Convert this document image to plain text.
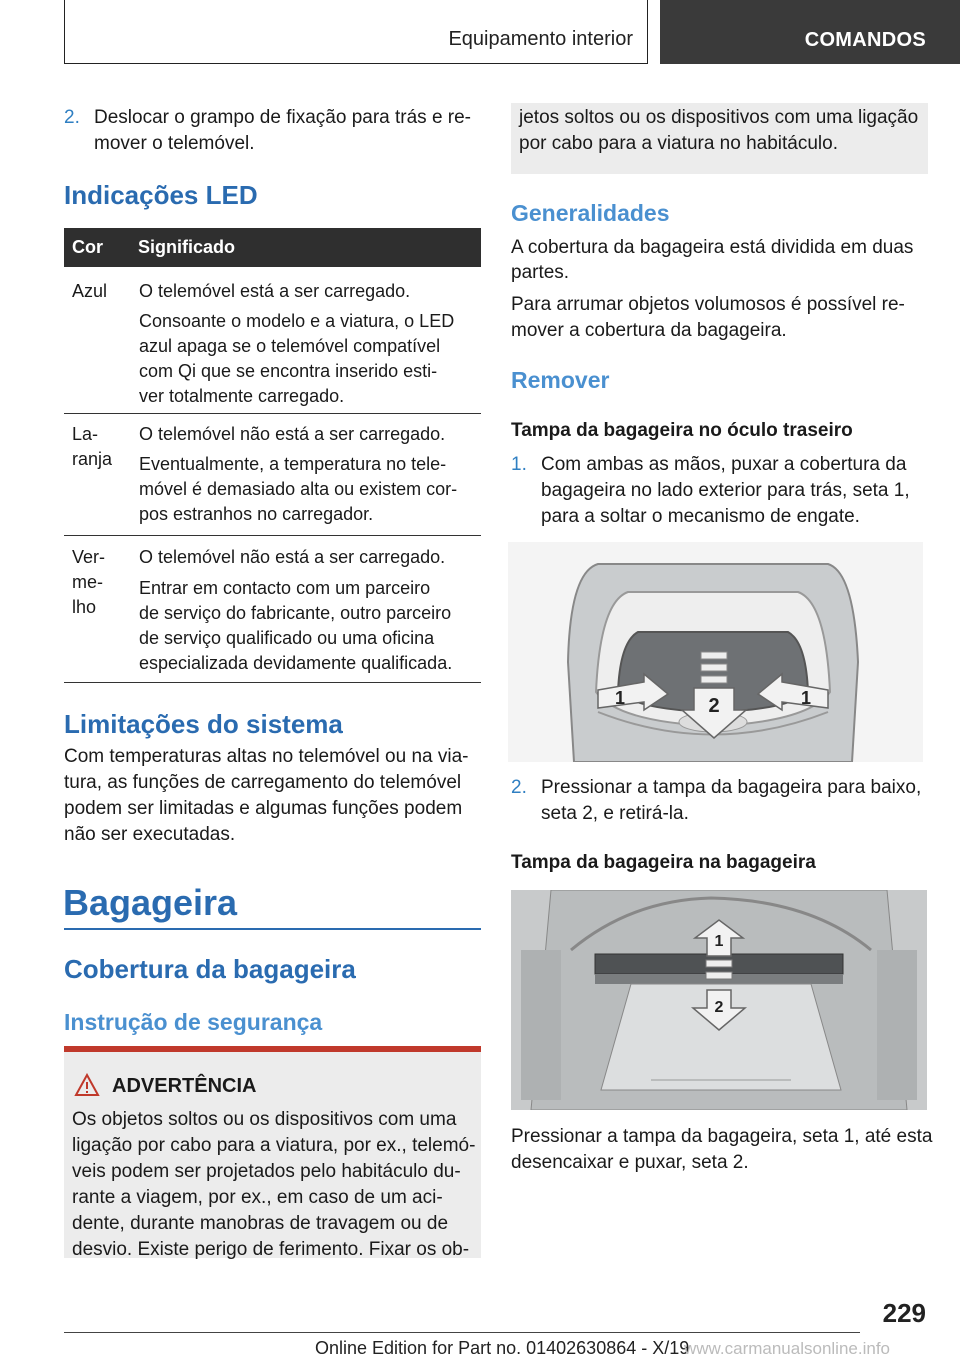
Equipamento interior	COMANDOS
2. Deslocar o grampo de fixação para trás e re-
mover o telemóvel.
Indicações LED
Cor Significado
Azul O telemóvel está a ser carregado.
Consoante o modelo e a viatura, o LED
azul apaga se o telemóvel compatível
com Qi que se encontra inserido esti-
ver totalmente carregado.
La-
ranja
O telemóvel não está a ser carregado.
Eventualmente, a temperatura no tele-
móvel é demasiado alta ou existem cor-
pos estranhos no carregador.
Ver-
me-
lho
O telemóvel não está a ser carregado.
Entrar em contacto com um parceiro
de serviço do fabricante, outro parceiro
de serviço qualificado ou uma oficina
especializada devidamente qualificada.
Limitações do sistema
Com temperaturas altas no telemóvel ou na via-
tura, as funções de carregamento do telemóvel
podem ser limitadas e algumas funções podem
não ser executadas.
Bagageira
Cobertura da bagageira
Instrução de segurança
ADVERTÊNCIA
Os objetos soltos ou os dispositivos com uma
ligação por cabo para a viatura, por ex., telemó-
veis podem ser projetados pelo habitáculo du-
rante a viagem, por ex., em caso de um aci-
dente, durante manobras de travagem ou de
desvio. Existe perigo de ferimento. Fixar os ob-
jetos soltos ou os dispositivos com uma ligação
por cabo para a viatura no habitáculo.
Generalidades
A cobertura da bagageira está dividida em duas
partes.
Para arrumar objetos volumosos é possível re-
mover a cobertura da bagageira.
Remover
Tampa da bagageira no óculo traseiro
1. Com ambas as mãos, puxar a cobertura da
bagageira no lado exterior para trás, seta 1,
para a soltar o mecanismo de engate.
2
1	1
2. Pressionar a tampa da bagageira para baixo,
seta 2, e retirá-la.
Tampa da bagageira na bagageira
1
2
Pressionar a tampa da bagageira, seta 1, até esta
desencaixar e puxar, seta 2.
229
Online Edition for Part no. 01402630864 - X/19
www.carmanualsonline.info
